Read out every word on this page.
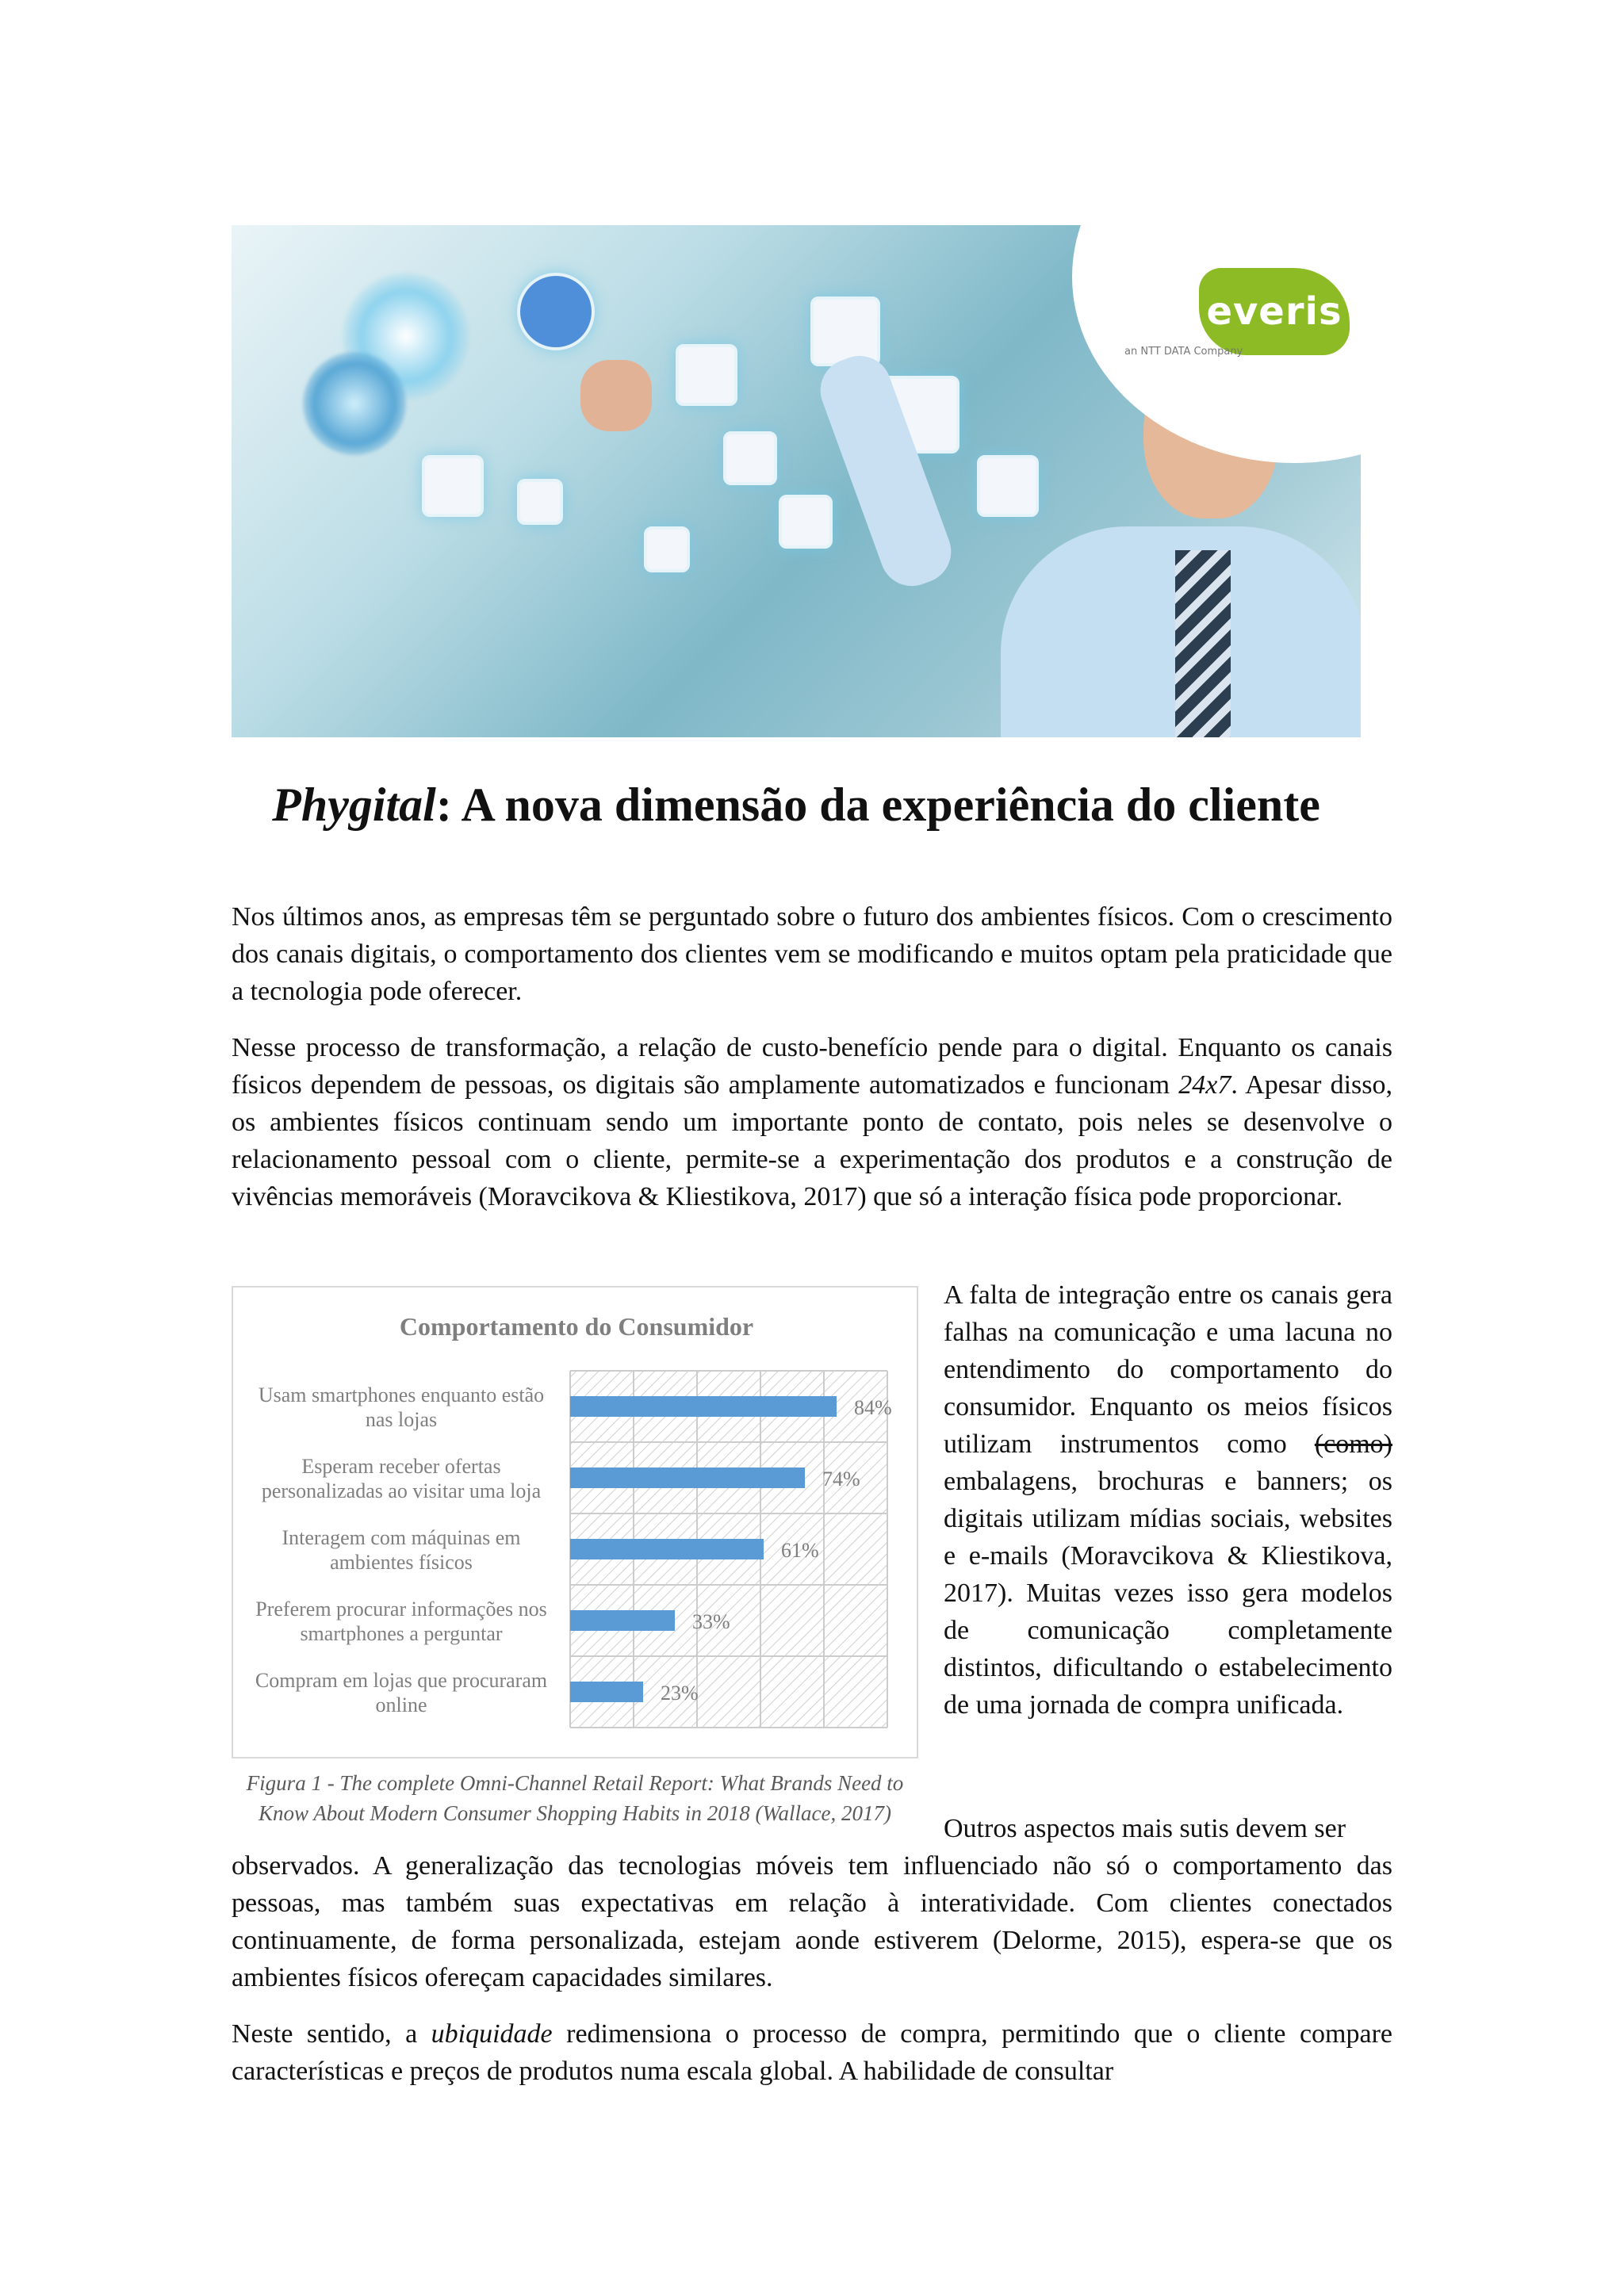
everis
an NTT DATA Company
Phygital: A nova dimensão da experiência do cliente

Nos últimos anos, as empresas têm se perguntado sobre o futuro dos ambientes físicos. Com o crescimento dos canais digitais, o comportamento dos clientes vem se modificando e muitos optam pela praticidade que a tecnologia pode oferecer.

Nesse processo de transformação, a relação de custo-benefício pende para o digital. Enquanto os canais físicos dependem de pessoas, os digitais são amplamente automatizados e funcionam 24x7. Apesar disso, os ambientes físicos continuam sendo um importante ponto de contato, pois neles se desenvolve o relacionamento pessoal com o cliente, permite-se a experimentação dos produtos e a construção de vivências memoráveis (Moravcikova & Kliestikova, 2017) que só a interação física pode proporcionar.

Comportamento do Consumidor
Usam smartphones enquanto estão nas lojas
Esperam receber ofertas personalizadas ao visitar uma loja
Interagem com máquinas em ambientes físicos
Preferem procurar informações nos smartphones a perguntar
Compram em lojas que procuraram online
84%
74%
61%
33%
23%

Figura 1 - The complete Omni-Channel Retail Report: What Brands Need to Know About Modern Consumer Shopping Habits in 2018 (Wallace, 2017)

A falta de integração entre os canais gera falhas na comunicação e uma lacuna no entendimento do comportamento do consumidor. Enquanto os meios físicos utilizam instrumentos como (como) embalagens, brochuras e banners; os digitais utilizam mídias sociais, websites e e-mails (Moravcikova & Kliestikova, 2017). Muitas vezes isso gera modelos de comunicação completamente distintos, dificultando o estabelecimento de uma jornada de compra unificada.

Outros aspectos mais sutis devem ser

observados. A generalização das tecnologias móveis tem influenciado não só o comportamento das pessoas, mas também suas expectativas em relação à interatividade. Com clientes conectados continuamente, de forma personalizada, estejam aonde estiverem (Delorme, 2015), espera-se que os ambientes físicos ofereçam capacidades similares.

Neste sentido, a ubiquidade redimensiona o processo de compra, permitindo que o cliente compare características e preços de produtos numa escala global. A habilidade de consultar
